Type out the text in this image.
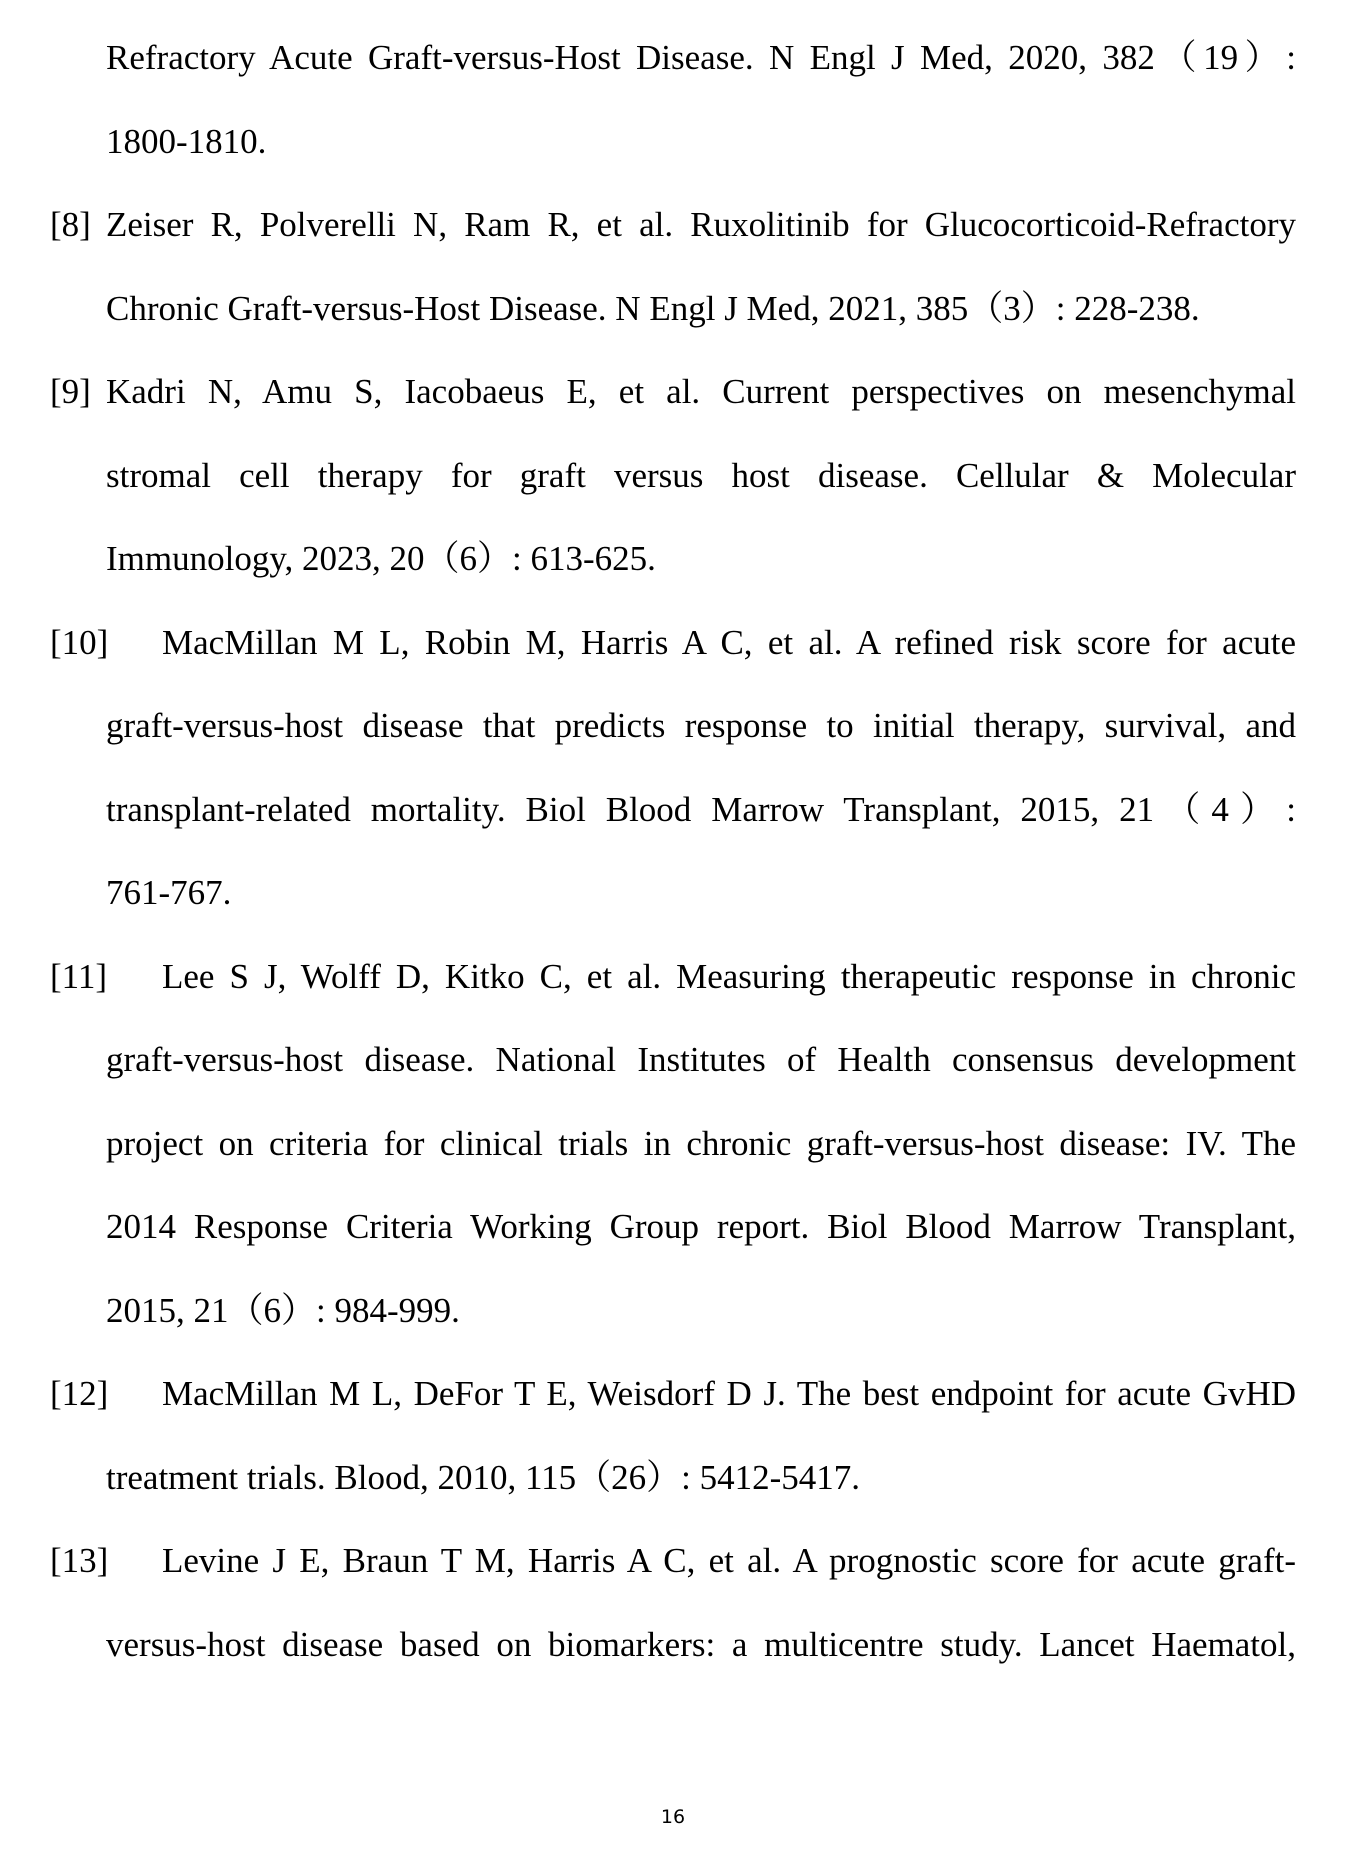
Refractory Acute Graft-versus-Host Disease. N Engl J Med, 2020, 382（19）:
1800-1810.
[8] Zeiser R, Polverelli N, Ram R, et al. Ruxolitinib for Glucocorticoid-Refractory
Chronic Graft-versus-Host Disease. N Engl J Med, 2021, 385（3）: 228-238.
[9] Kadri N, Amu S, Iacobaeus E, et al. Current perspectives on mesenchymal
stromal cell therapy for graft versus host disease. Cellular & Molecular
Immunology, 2023, 20（6）: 613-625.
[10] MacMillan M L, Robin M, Harris A C, et al. A refined risk score for acute
graft-versus-host disease that predicts response to initial therapy, survival, and
transplant-related mortality. Biol Blood Marrow Transplant, 2015, 21（4）:
761-767.
[11] Lee S J, Wolff D, Kitko C, et al. Measuring therapeutic response in chronic
graft-versus-host disease. National Institutes of Health consensus development
project on criteria for clinical trials in chronic graft-versus-host disease: IV. The
2014 Response Criteria Working Group report. Biol Blood Marrow Transplant,
2015, 21（6）: 984-999.
[12] MacMillan M L, DeFor T E, Weisdorf D J. The best endpoint for acute GvHD
treatment trials. Blood, 2010, 115（26）: 5412-5417.
[13] Levine J E, Braun T M, Harris A C, et al. A prognostic score for acute graft-
versus-host disease based on biomarkers: a multicentre study. Lancet Haematol,
16
